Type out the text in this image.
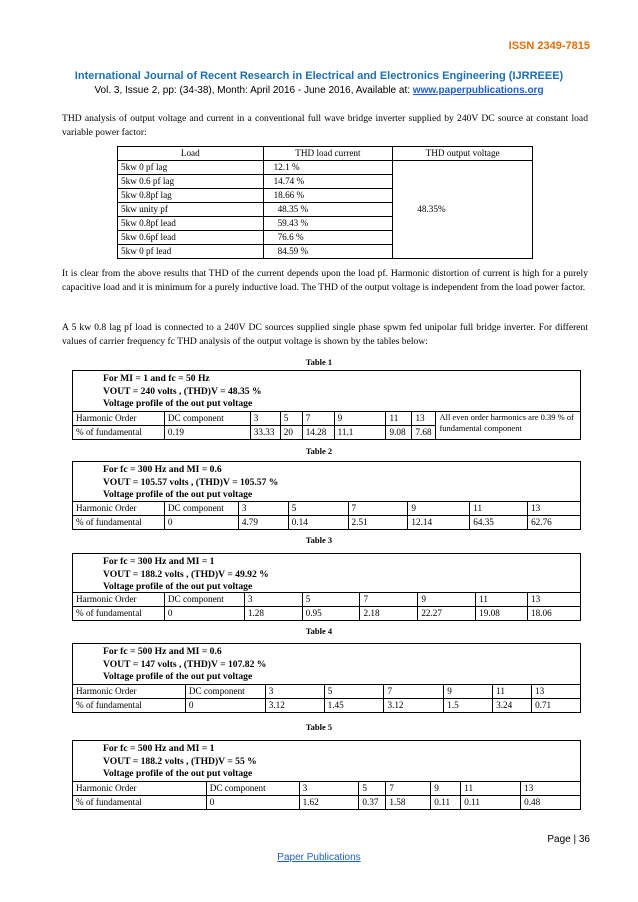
ISSN 2349-7815
International Journal of Recent Research in Electrical and Electronics Engineering (IJRREEE)
Vol. 3, Issue 2, pp: (34-38), Month: April 2016 - June 2016, Available at: www.paperpublications.org

THD analysis of output voltage and current in a conventional full wave bridge inverter supplied by 240V DC source at constant load variable power factor:

Load	THD load current	THD output voltage
5kw 0 pf lag	12.1 %	48.35%
5kw 0.6 pf lag	14.74 %	
5kw 0.8pf lag	18.66 %	
5kw unity pf	48.35 %	
5kw 0.8pf lead	59.43 %	
5kw 0.6pf lead	76.6 %	
5kw 0 pf lead	84.59 %	

It is clear from the above results that THD of the current depends upon the load pf. Harmonic distortion of current is high for a purely capacitive load and it is minimum for a purely inductive load. The THD of the output voltage is independent from the load power factor.

A 5 kw 0.8 lag pf load is connected to a 240V DC sources supplied single phase spwm fed unipolar full bridge inverter. For different values of carrier frequency fc THD analysis of the output voltage is shown by the tables below:

Table 1
For MI = 1 and fc = 50 Hz
VOUT = 240 volts , (THD)V = 48.35 %
Voltage profile of the out put voltage
Harmonic Order	DC component	3	5	7	9	11	13	All even order harmonics are 0.39 % of fundamental component
% of fundamental	0.19	33.33	20	14.28	11.1	9.08	7.68	
Table 2
For fc = 300 Hz and MI = 0.6
VOUT = 105.57 volts , (THD)V = 105.57 %
Voltage profile of the out put voltage
Harmonic Order	DC component	3	5	7	9	11	13
% of fundamental	0	4.79	0.14	2.51	12.14	64.35	62.76
Table 3
For fc = 300 Hz and MI = 1
VOUT = 188.2 volts , (THD)V = 49.92 %
Voltage profile of the out put voltage
Harmonic Order	DC component	3	5	7	9	11	13
% of fundamental	0	1.28	0.95	2.18	22.27	19.08	18.06
Table 4
For fc = 500 Hz and MI = 0.6
VOUT = 147 volts , (THD)V = 107.82 %
Voltage profile of the out put voltage
Harmonic Order	DC component	3	5	7	9	11	13
% of fundamental	0	3.12	1.45	3.12	1.5	3.24	0.71
Table 5
For fc = 500 Hz and MI = 1
VOUT = 188.2 volts , (THD)V = 55 %
Voltage profile of the out put voltage
Harmonic Order	DC component	3	5	7	9	11	13
% of fundamental	0	1.62	0.37	1.58	0.11	0.11	0.48
Page | 36
Paper Publications
